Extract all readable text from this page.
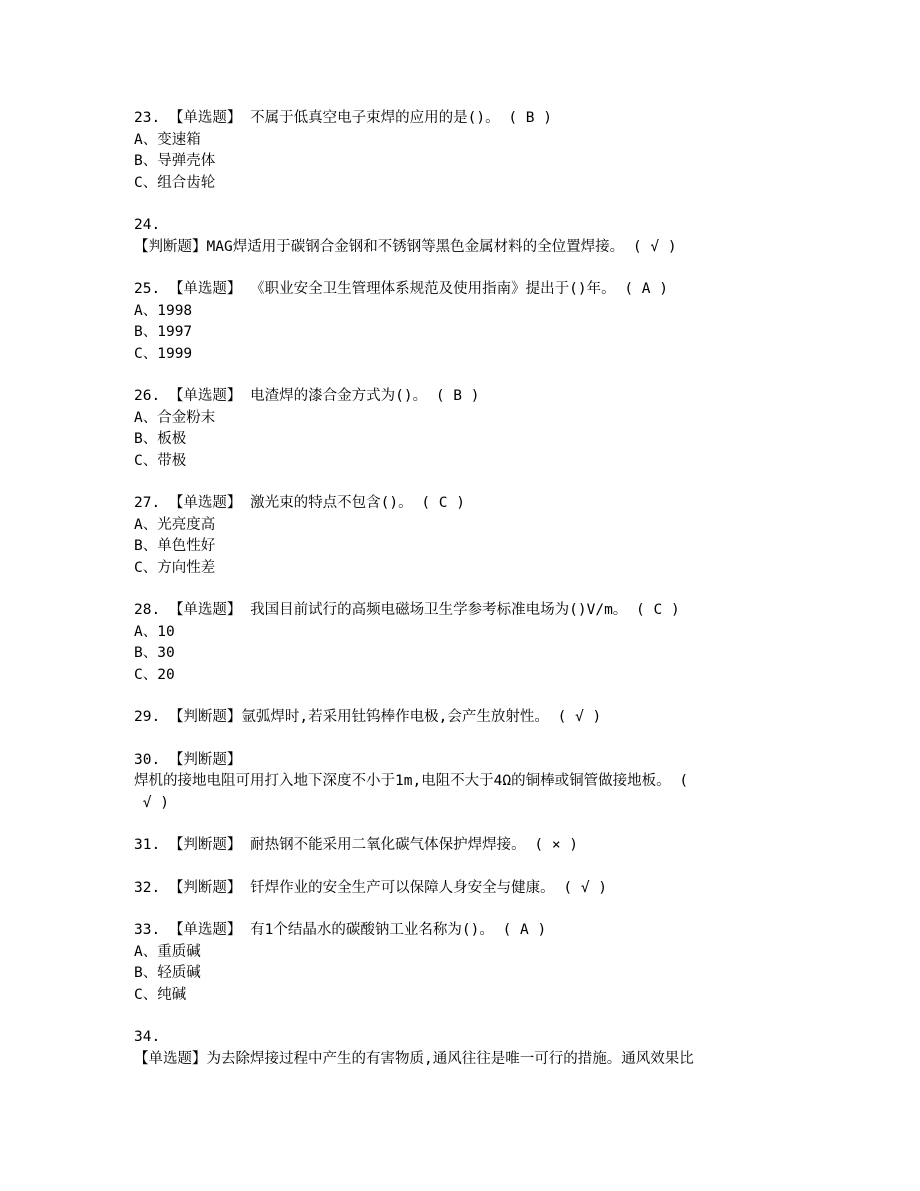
23. 【单选题】 不属于低真空电子束焊的应用的是()。 ( B )
A、变速箱
B、导弹壳体
C、组合齿轮
24.
【判断题】MAG焊适用于碳钢合金钢和不锈钢等黑色金属材料的全位置焊接。 ( √ )
25. 【单选题】 《职业安全卫生管理体系规范及使用指南》提出于()年。 ( A )
A、1998
B、1997
C、1999
26. 【单选题】 电渣焊的漆合金方式为()。 ( B )
A、合金粉末
B、板极
C、带极
27. 【单选题】 激光束的特点不包含()。 ( C )
A、光亮度高
B、单色性好
C、方向性差
28. 【单选题】 我国目前试行的高频电磁场卫生学参考标准电场为()V/m。 ( C )
A、10
B、30
C、20
29. 【判断题】氩弧焊时,若采用钍钨棒作电极,会产生放射性。 ( √ )
30. 【判断题】
焊机的接地电阻可用打入地下深度不小于1m,电阻不大于4Ω的铜棒或铜管做接地板。 (
√ )
31. 【判断题】 耐热钢不能采用二氧化碳气体保护焊焊接。 ( × )
32. 【判断题】 钎焊作业的安全生产可以保障人身安全与健康。 ( √ )
33. 【单选题】 有1个结晶水的碳酸钠工业名称为()。 ( A )
A、重质碱
B、轻质碱
C、纯碱
34.
【单选题】为去除焊接过程中产生的有害物质,通风往往是唯一可行的措施。通风效果比
